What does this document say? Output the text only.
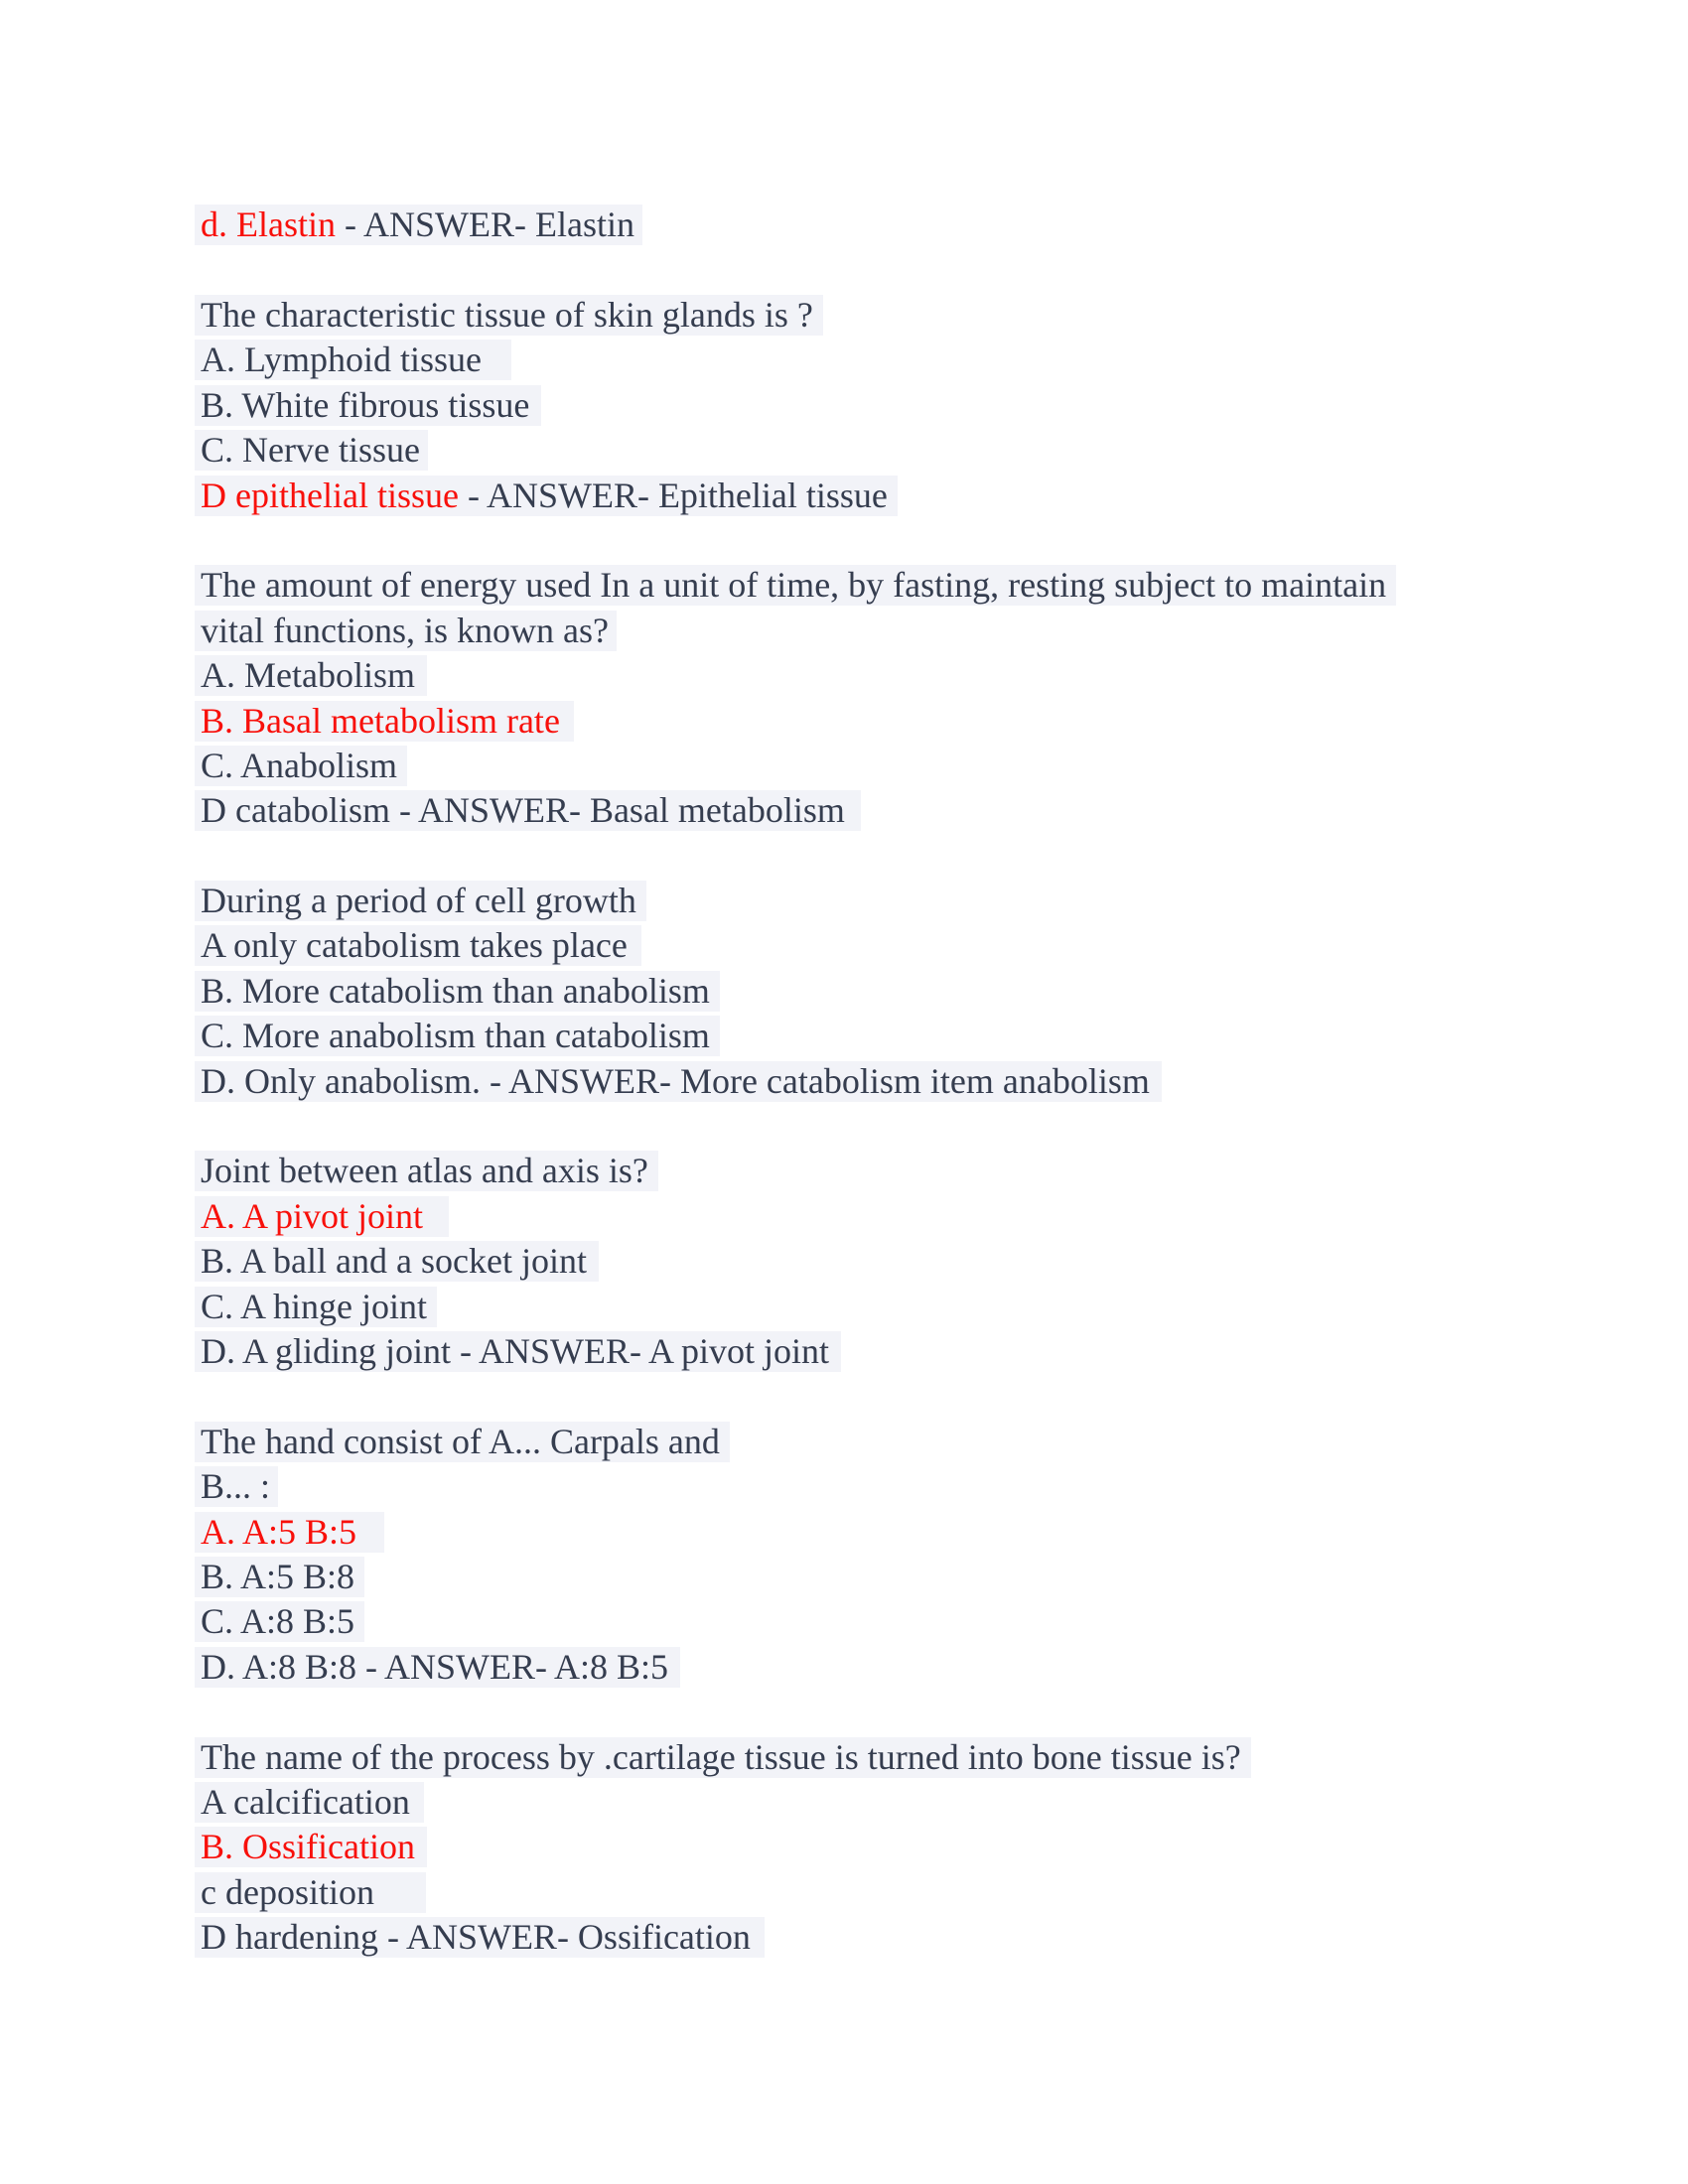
d. Elastin - ANSWER- Elastin
The characteristic tissue of skin glands is ?
A. Lymphoid tissue
B. White fibrous tissue
C. Nerve tissue
D epithelial tissue - ANSWER- Epithelial tissue
The amount of energy used In a unit of time, by fasting, resting subject to maintain
vital functions, is known as?
A. Metabolism
B. Basal metabolism rate
C. Anabolism
D catabolism - ANSWER- Basal metabolism
During a period of cell growth
A only catabolism takes place
B. More catabolism than anabolism
C. More anabolism than catabolism
D. Only anabolism. - ANSWER- More catabolism item anabolism
Joint between atlas and axis is?
A. A pivot joint
B. A ball and a socket joint
C. A hinge joint
D. A gliding joint - ANSWER- A pivot joint
The hand consist of A... Carpals and
B... :
A. A:5 B:5
B. A:5 B:8
C. A:8 B:5
D. A:8 B:8 - ANSWER- A:8 B:5
The name of the process by .cartilage tissue is turned into bone tissue is?
A calcification
B. Ossification
c deposition
D hardening - ANSWER- Ossification
